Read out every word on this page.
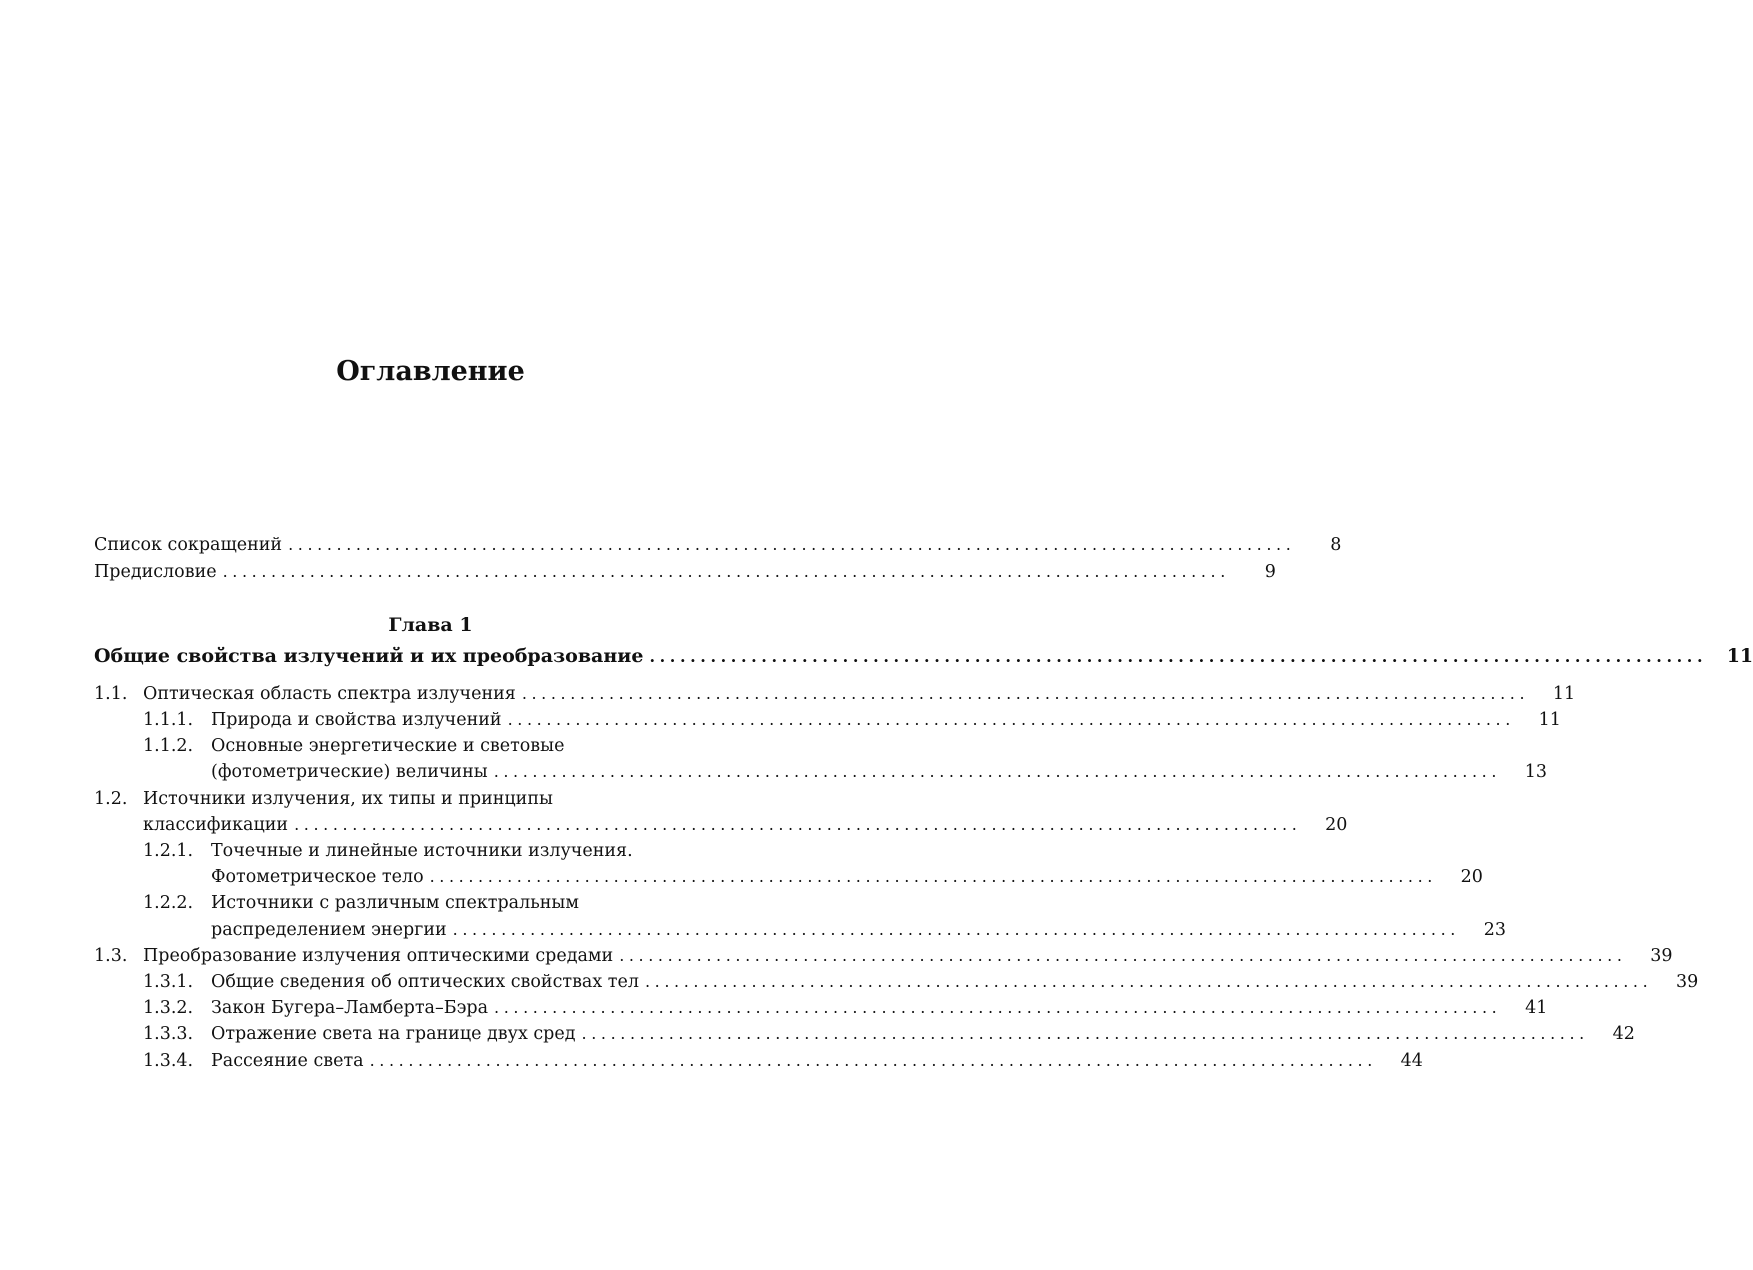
Оглавление
Список сокращений ........................................................................................................	8
Предисловие ........................................................................................................	9
Глава 1
Общие свойства излучений и их преобразование ........................................................................................................	11
1.1. Оптическая область спектра излучения ........................................................................................................	11
1.1.1.	Природа и свойства излучений ........................................................................................................	11
1.1.2.	Основные энергетические и световые
(фотометрические) величины ........................................................................................................	13
1.2. Источники излучения, их типы и принципы
классификации ........................................................................................................	20
1.2.1.	Точечные и линейные источники излучения.
Фотометрическое тело ........................................................................................................	20
1.2.2.	Источники с различным спектральным
распределением энергии ........................................................................................................	23
1.3. Преобразование излучения оптическими средами ........................................................................................................	39
1.3.1.	Общие сведения об оптических свойствах тел ........................................................................................................	39
1.3.2.	Закон Бугера–Ламберта–Бэра ........................................................................................................	41
1.3.3.	Отражение света на границе двух сред ........................................................................................................	42
1.3.4.	Рассеяние света ........................................................................................................	44
